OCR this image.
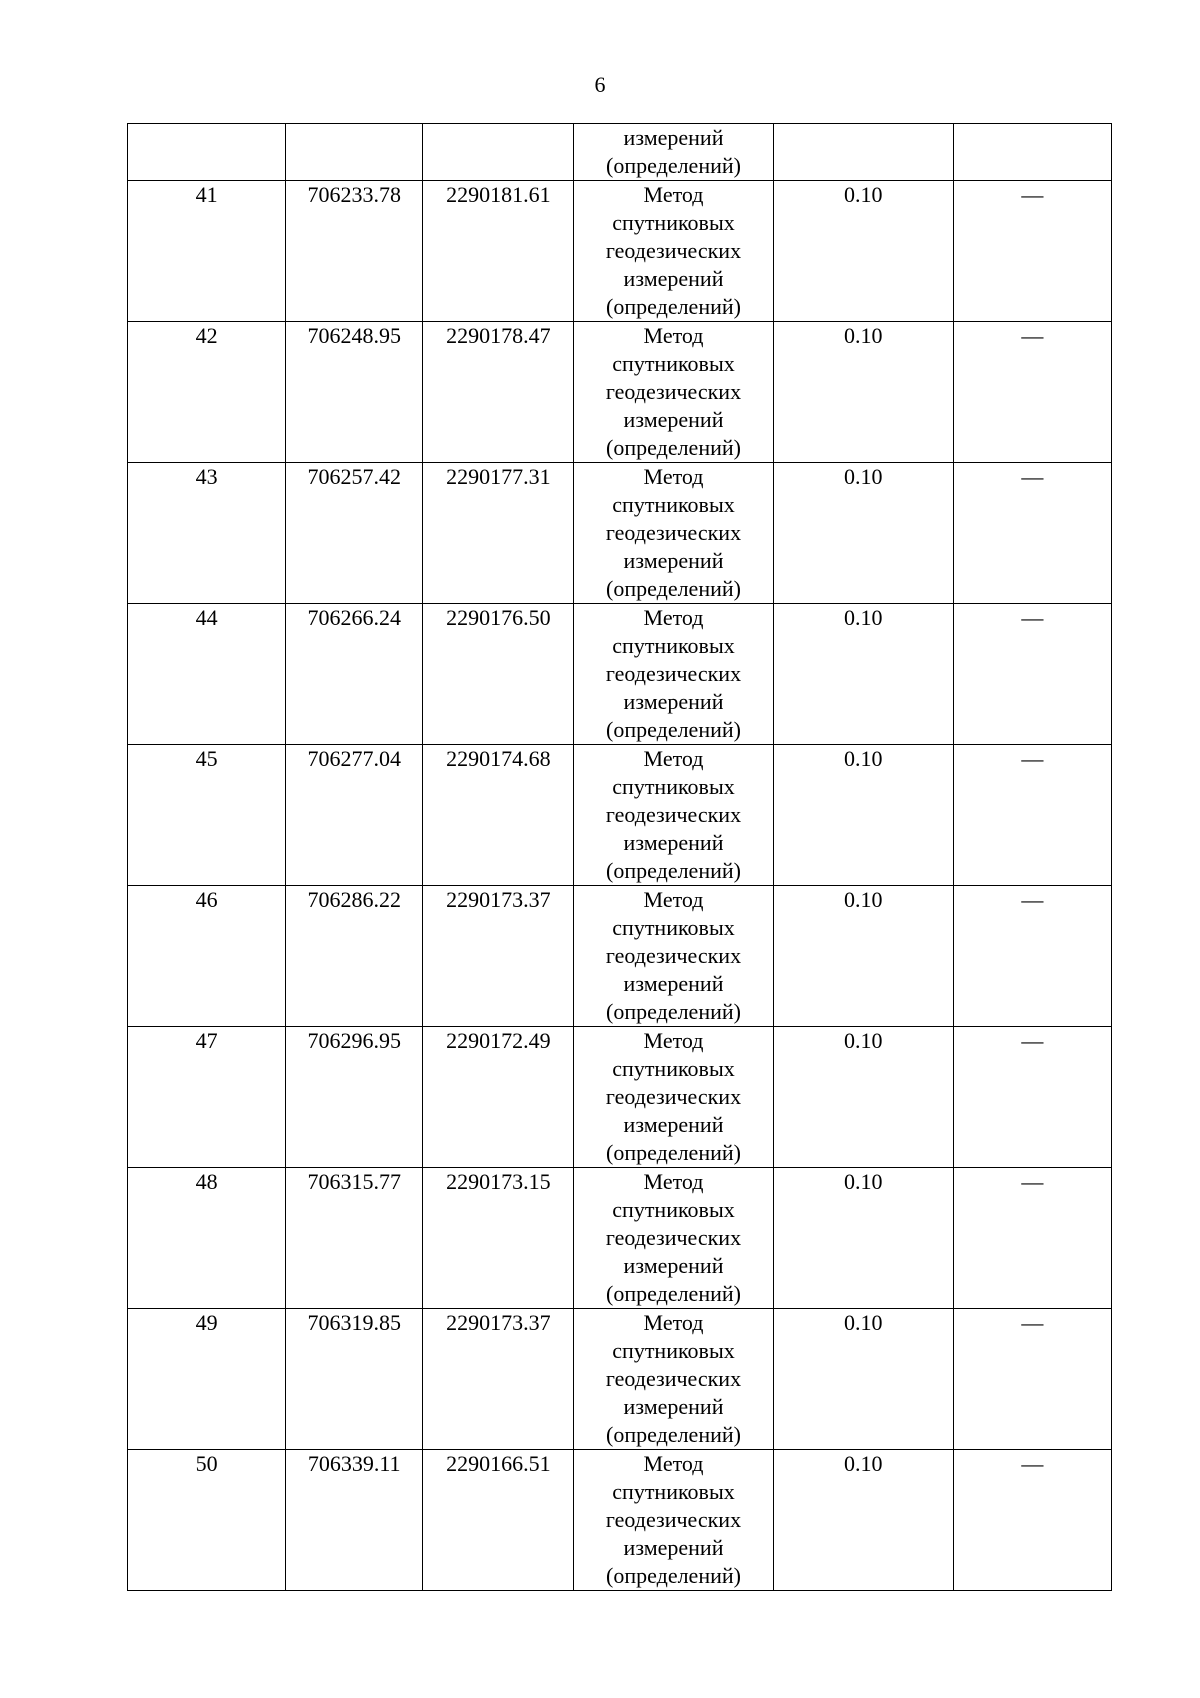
6

			измерений
(определений)		

41	706233.78	2290181.61	Метод
спутниковых
геодезических
измерений
(определений)	0.10	—
42	706248.95	2290178.47	Метод
спутниковых
геодезических
измерений
(определений)	0.10	—
43	706257.42	2290177.31	Метод
спутниковых
геодезических
измерений
(определений)	0.10	—
44	706266.24	2290176.50	Метод
спутниковых
геодезических
измерений
(определений)	0.10	—
45	706277.04	2290174.68	Метод
спутниковых
геодезических
измерений
(определений)	0.10	—
46	706286.22	2290173.37	Метод
спутниковых
геодезических
измерений
(определений)	0.10	—
47	706296.95	2290172.49	Метод
спутниковых
геодезических
измерений
(определений)	0.10	—
48	706315.77	2290173.15	Метод
спутниковых
геодезических
измерений
(определений)	0.10	—
49	706319.85	2290173.37	Метод
спутниковых
геодезических
измерений
(определений)	0.10	—
50	706339.11	2290166.51	Метод
спутниковых
геодезических
измерений
(определений)	0.10	—
